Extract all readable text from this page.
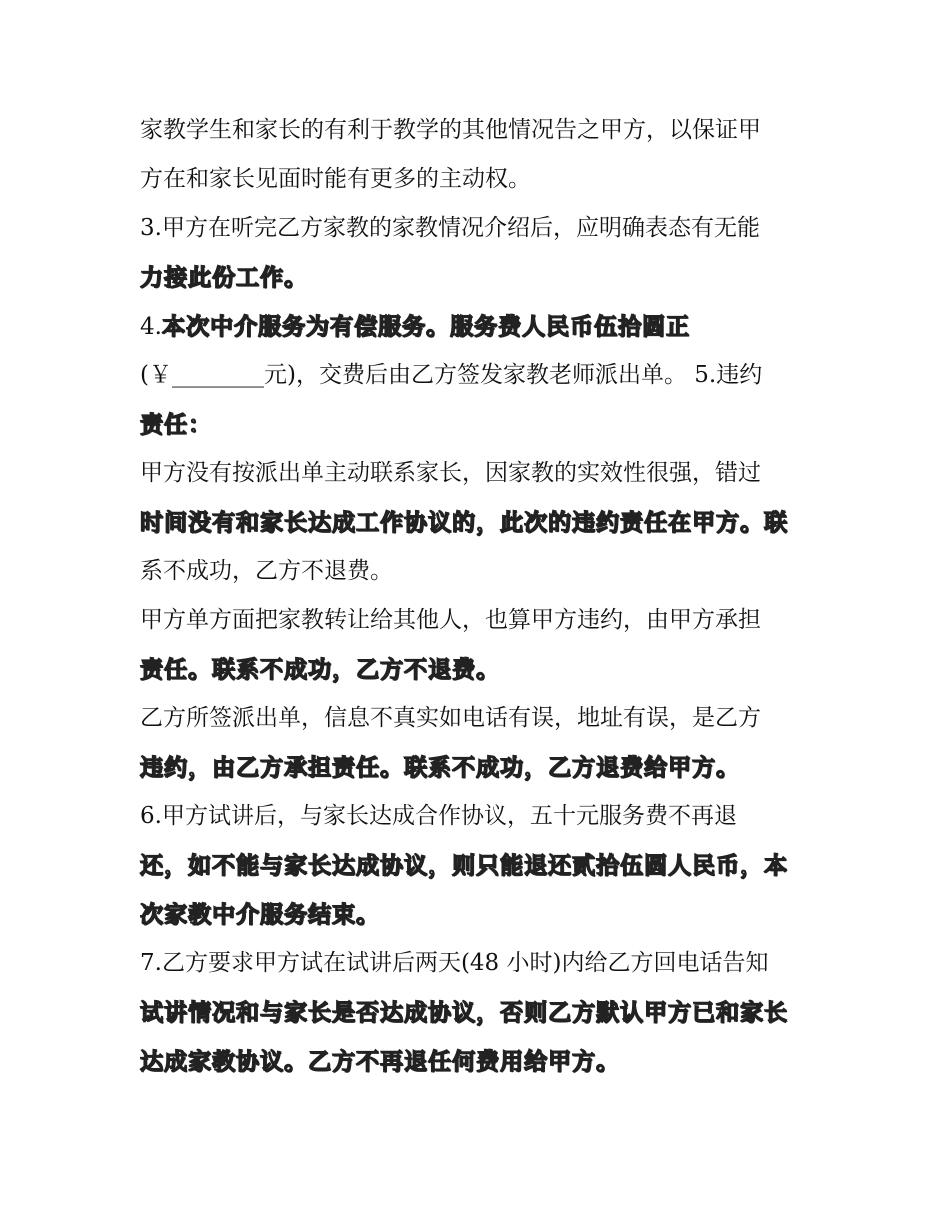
家教学生和家长的有利于教学的其他情况告之甲方，以保证甲
方在和家长见面时能有更多的主动权。
3.甲方在听完乙方家教的家教情况介绍后，应明确表态有无能
力接此份工作。
4.本次中介服务为有偿服务。服务费人民币伍拾圆正
(￥________元)，交费后由乙方签发家教老师派出单。 5.违约
责任：
甲方没有按派出单主动联系家长，因家教的实效性很强，错过
时间没有和家长达成工作协议的，此次的违约责任在甲方。联
系不成功，乙方不退费。
甲方单方面把家教转让给其他人，也算甲方违约，由甲方承担
责任。联系不成功，乙方不退费。
乙方所签派出单，信息不真实如电话有误，地址有误，是乙方
违约，由乙方承担责任。联系不成功，乙方退费给甲方。
6.甲方试讲后，与家长达成合作协议，五十元服务费不再退
还，如不能与家长达成协议，则只能退还贰拾伍圆人民币，本
次家教中介服务结束。
7.乙方要求甲方试在试讲后两天(48 小时)内给乙方回电话告知
试讲情况和与家长是否达成协议，否则乙方默认甲方已和家长
达成家教协议。乙方不再退任何费用给甲方。
